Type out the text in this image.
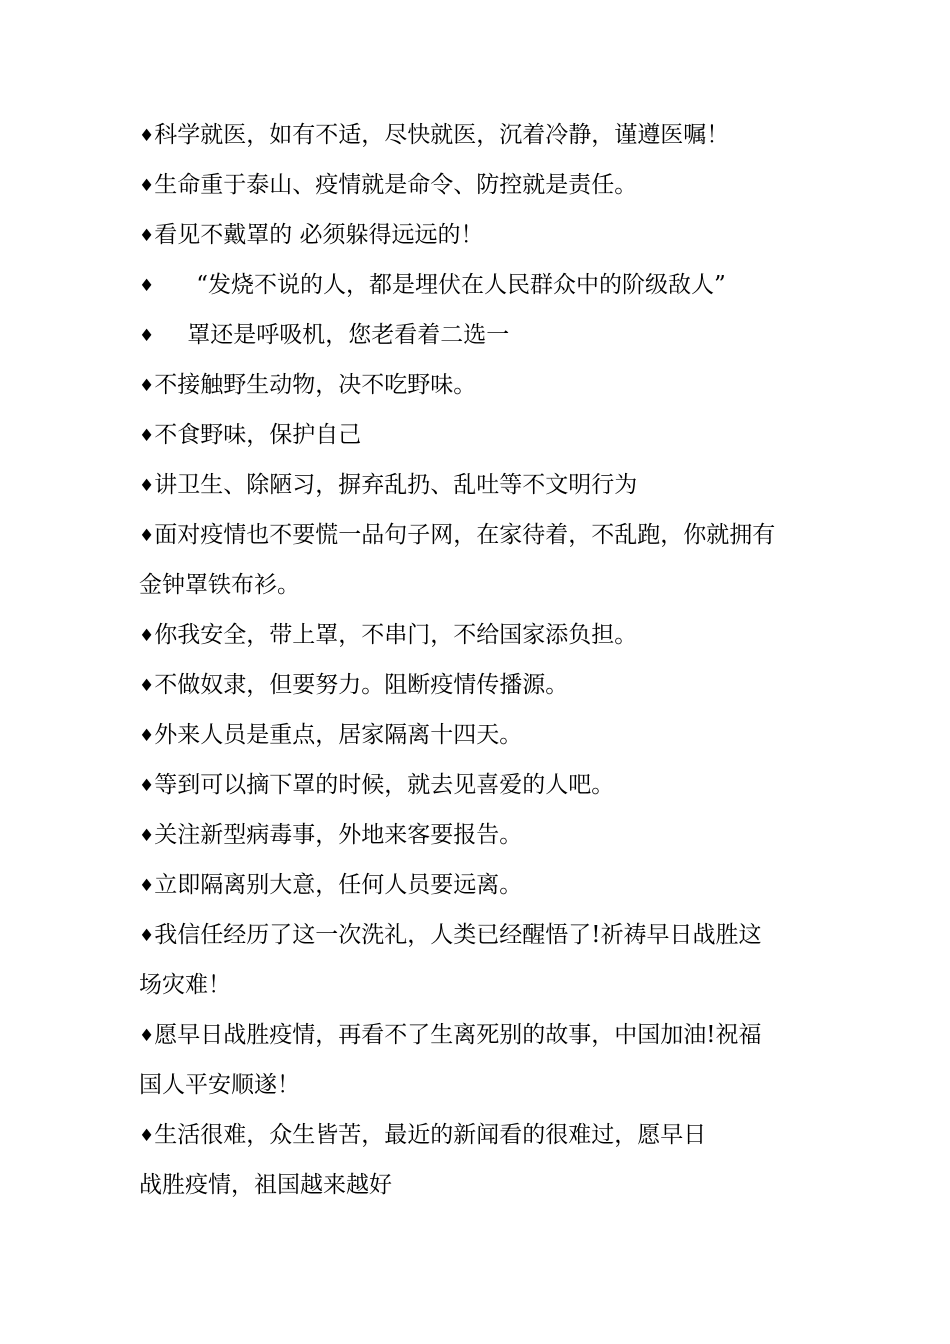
♦科学就医，如有不适，尽快就医，沉着冷静，谨遵医嘱！
♦生命重于泰山、疫情就是命令、防控就是责任。
♦看见不戴罩的 必须躲得远远的！
♦ “发烧不说的人，都是埋伏在人民群众中的阶级敌人”
♦ 罩还是呼吸机，您老看着二选一
♦不接触野生动物，决不吃野味。
♦不食野味，保护自己
♦讲卫生、除陋习，摒弃乱扔、乱吐等不文明行为
♦面对疫情也不要慌一品句子网，在家待着，不乱跑，你就拥有
金钟罩铁布衫。
♦你我安全，带上罩，不串门，不给国家添负担。
♦不做奴隶，但要努力。阻断疫情传播源。
♦外来人员是重点，居家隔离十四天。
♦等到可以摘下罩的时候，就去见喜爱的人吧。
♦关注新型病毒事，外地来客要报告。
♦立即隔离别大意，任何人员要远离。
♦我信任经历了这一次洗礼，人类已经醒悟了!祈祷早日战胜这
场灾难！
♦愿早日战胜疫情，再看不了生离死别的故事，中国加油!祝福
国人平安顺遂！
♦生活很难，众生皆苦，最近的新闻看的很难过，愿早日
战胜疫情，祖国越来越好
